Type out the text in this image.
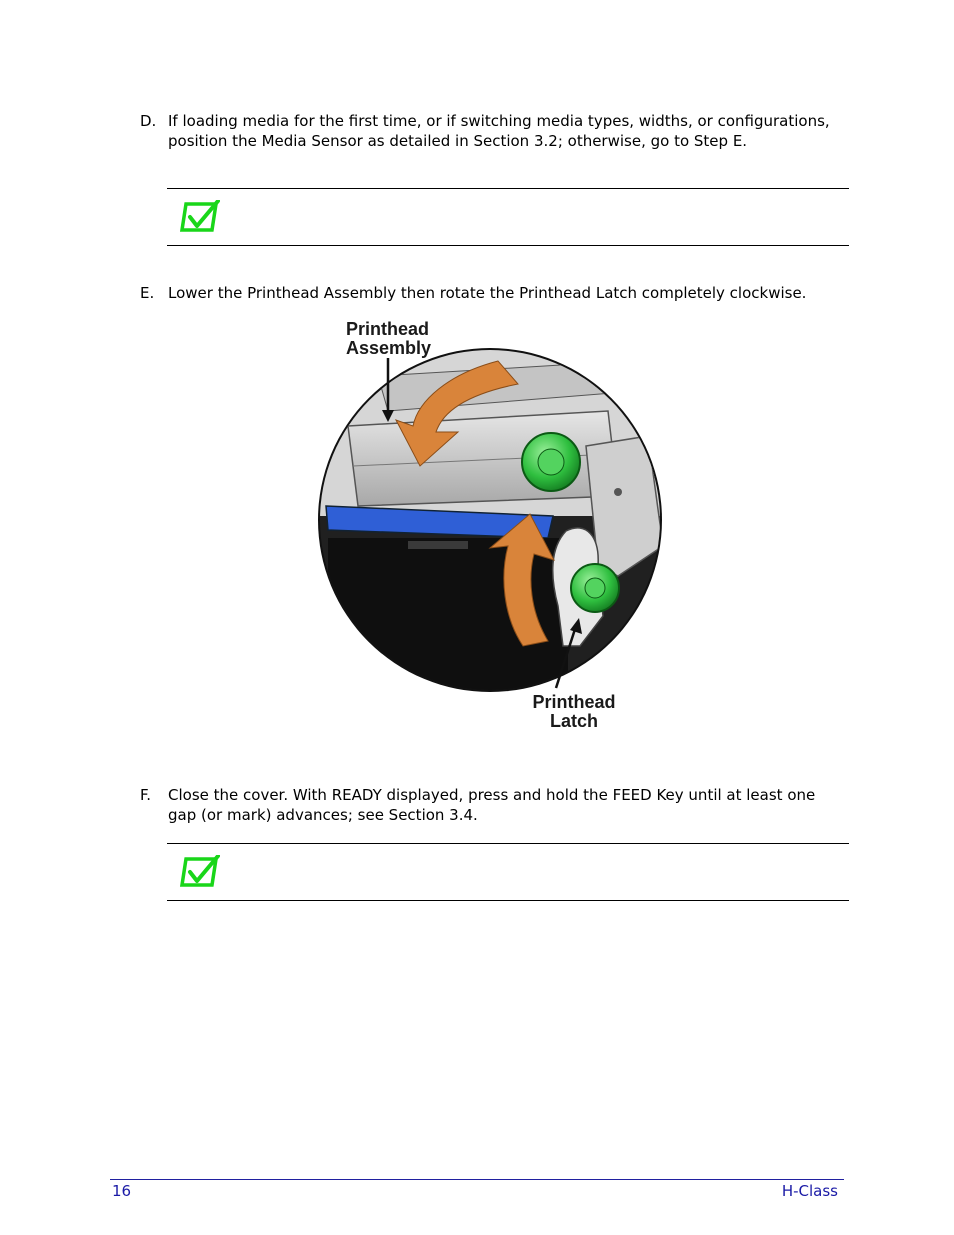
D. If loading media for the first time, or if switching media types, widths, or configurations, position the Media Sensor as detailed in Section 3.2; otherwise, go to Step E.
E. Lower the Printhead Assembly then rotate the Printhead Latch completely clockwise.
Printhead
Assembly
Printhead
Latch
F. Close the cover. With READY displayed, press and hold the FEED Key until at least one gap (or mark) advances; see Section 3.4.
16	H-Class
